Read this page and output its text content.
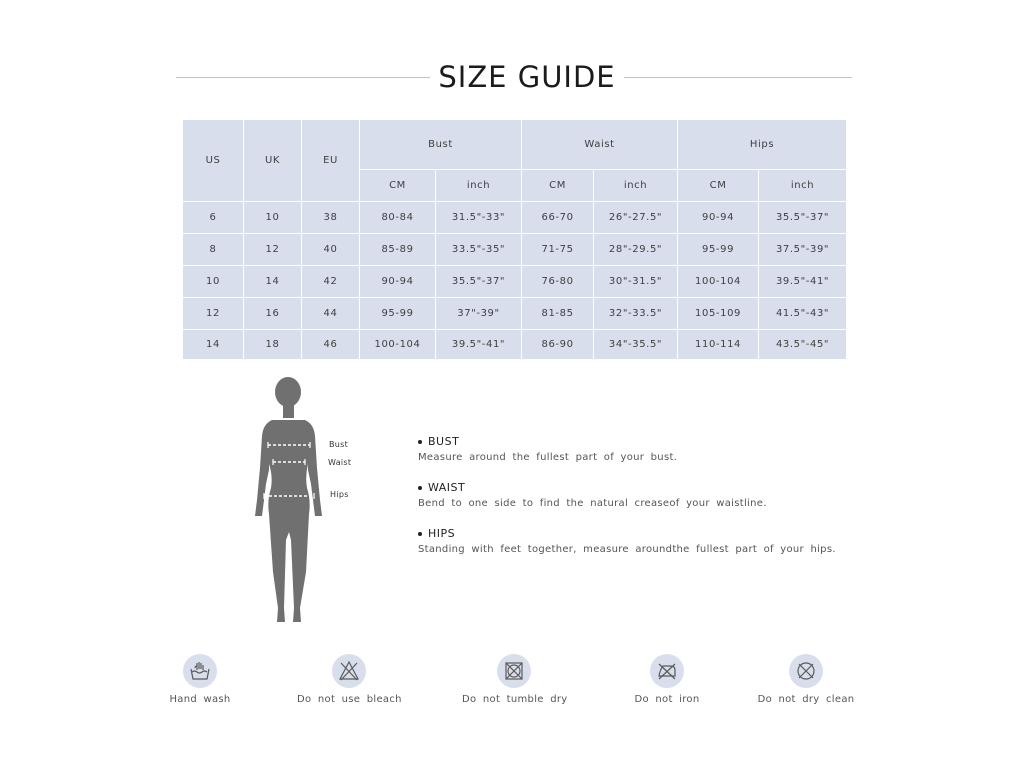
SIZE GUIDE
US	UK	EU	Bust		Waist		Hips	
			CM	inch	CM	inch	CM	inch
6	10	38	80-84	31.5"-33"	66-70	26"-27.5"	90-94	35.5"-37"
8	12	40	85-89	33.5"-35"	71-75	28"-29.5"	95-99	37.5"-39"
10	14	42	90-94	35.5"-37"	76-80	30"-31.5"	100-104	39.5"-41"
12	16	44	95-99	37"-39"	81-85	32"-33.5"	105-109	41.5"-43"
14	18	46	100-104	39.5"-41"	86-90	34"-35.5"	110-114	43.5"-45"
Bust
Waist
Hips
BUST
Measure around the fullest part of your bust.
WAIST
Bend to one side to find the natural creaseof your waistline.
HIPS
Standing with feet together, measure aroundthe fullest part of your hips.
Hand wash	Do not use bleach	Do not tumble dry	Do not iron	Do not dry clean
